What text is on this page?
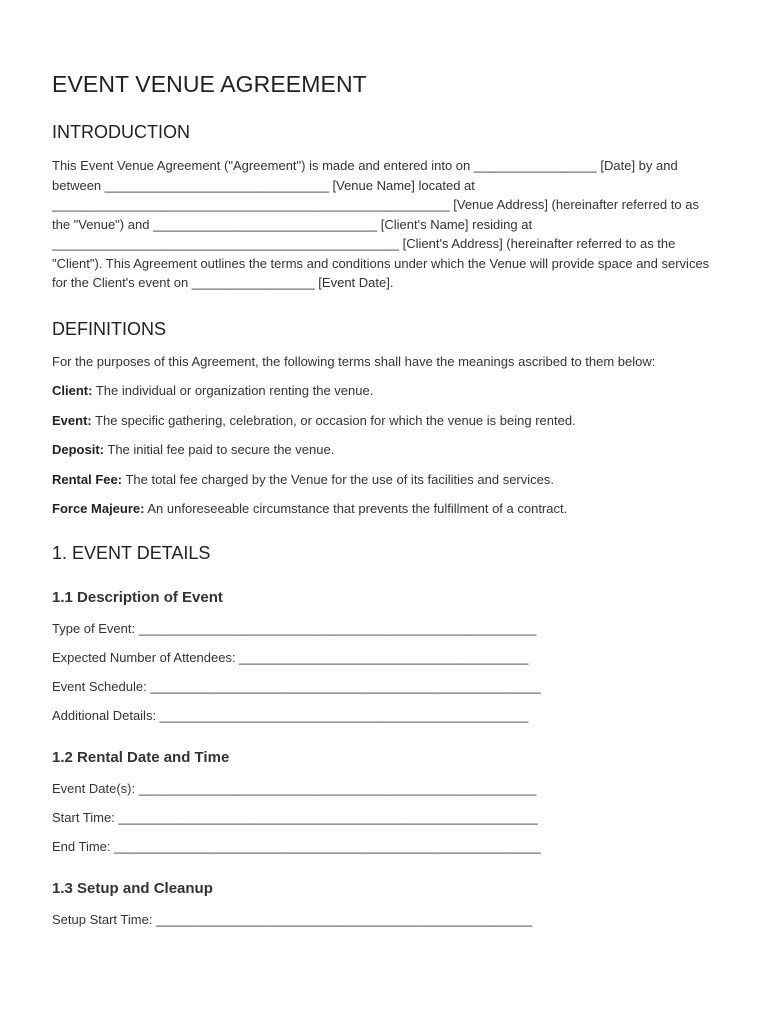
EVENT VENUE AGREEMENT
INTRODUCTION

This Event Venue Agreement ("Agreement") is made and entered into on _________________ [Date] by and between _______________________________ [Venue Name] located at _______________________________________________________ [Venue Address] (hereinafter referred to as the "Venue") and _______________________________ [Client's Name] residing at ________________________________________________ [Client's Address] (hereinafter referred to as the "Client"). This Agreement outlines the terms and conditions under which the Venue will provide space and services for the Client's event on _________________ [Event Date].

DEFINITIONS

For the purposes of this Agreement, the following terms shall have the meanings ascribed to them below:

Client: The individual or organization renting the venue.

Event: The specific gathering, celebration, or occasion for which the venue is being rented.

Deposit: The initial fee paid to secure the venue.

Rental Fee: The total fee charged by the Venue for the use of its facilities and services.

Force Majeure: An unforeseeable circumstance that prevents the fulfillment of a contract.

1. EVENT DETAILS
1.1 Description of Event

Type of Event: _______________________________________________________

Expected Number of Attendees: ________________________________________

Event Schedule: ______________________________________________________

Additional Details: ___________________________________________________

1.2 Rental Date and Time

Event Date(s): _______________________________________________________

Start Time: __________________________________________________________

End Time: ___________________________________________________________

1.3 Setup and Cleanup

Setup Start Time: ____________________________________________________
